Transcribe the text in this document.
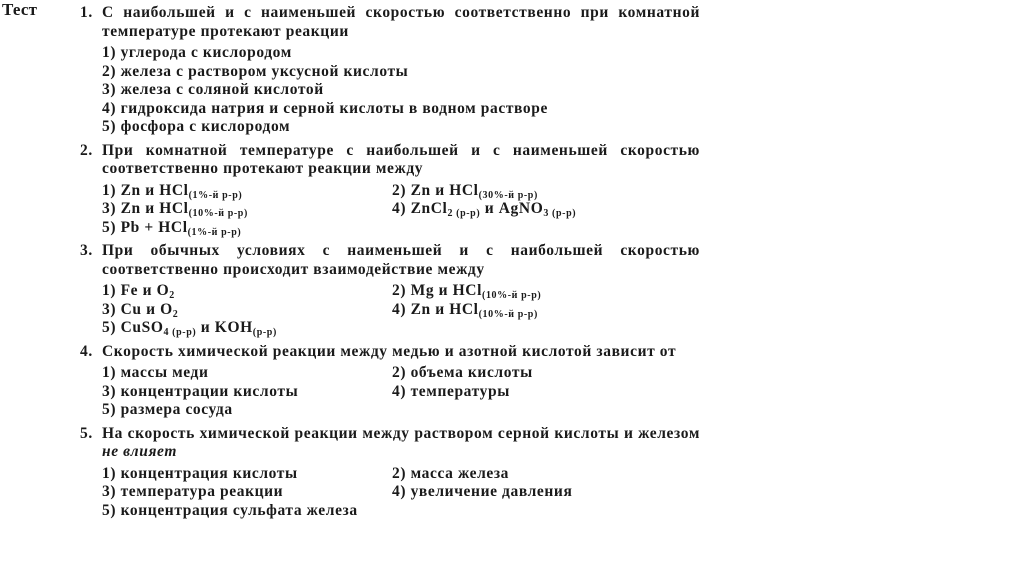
Тест	1. С наибольшей и с наименьшей скоростью соответственно при комнатной температуре протекают реакции
1) углерода с кислородом
2) железа с раствором уксусной кислоты
3) железа с соляной кислотой
4) гидроксида натрия и серной кислоты в водном растворе
5) фосфора с кислородом
2. При комнатной температуре с наибольшей и с наименьшей скоростью соответственно протекают реакции между
1) Zn и HCl$_{(1\%-й р-р)}$	2) Zn и HCl$_{(30\%-й р-р)}$
3) Zn и HCl$_{(10\%-й р-р)}$	4) ZnCl$_{2 (р-р)}$ и AgNO$_{3 (р-р)}$
5) Pb + HCl$_{(1\%-й р-р)}$
3. При обычных условиях с наименьшей и с наибольшей скоростью соответственно происходит взаимодействие между
1) Fe и $O_2$	2) Mg и HCl$_{(10\%-й р-р)}$
3) Cu и $O_2$	4) Zn и HCl$_{(10\%-й р-р)}$
5) CuSO$_{4 (р-р)}$ и $KOH_{(р-р)}$
4. Скорость химической реакции между медью и азотной кислотой зависит от
1) массы меди	2) объема кислоты
3) концентрации кислоты	4) температуры
5) размера сосуда
5. На скорость химической реакции между раствором серной кислоты и железом не влияет
1) концентрация кислоты	2) масса железа
3) температура реакции	4) увеличение давления
5) концентрация сульфата железа
